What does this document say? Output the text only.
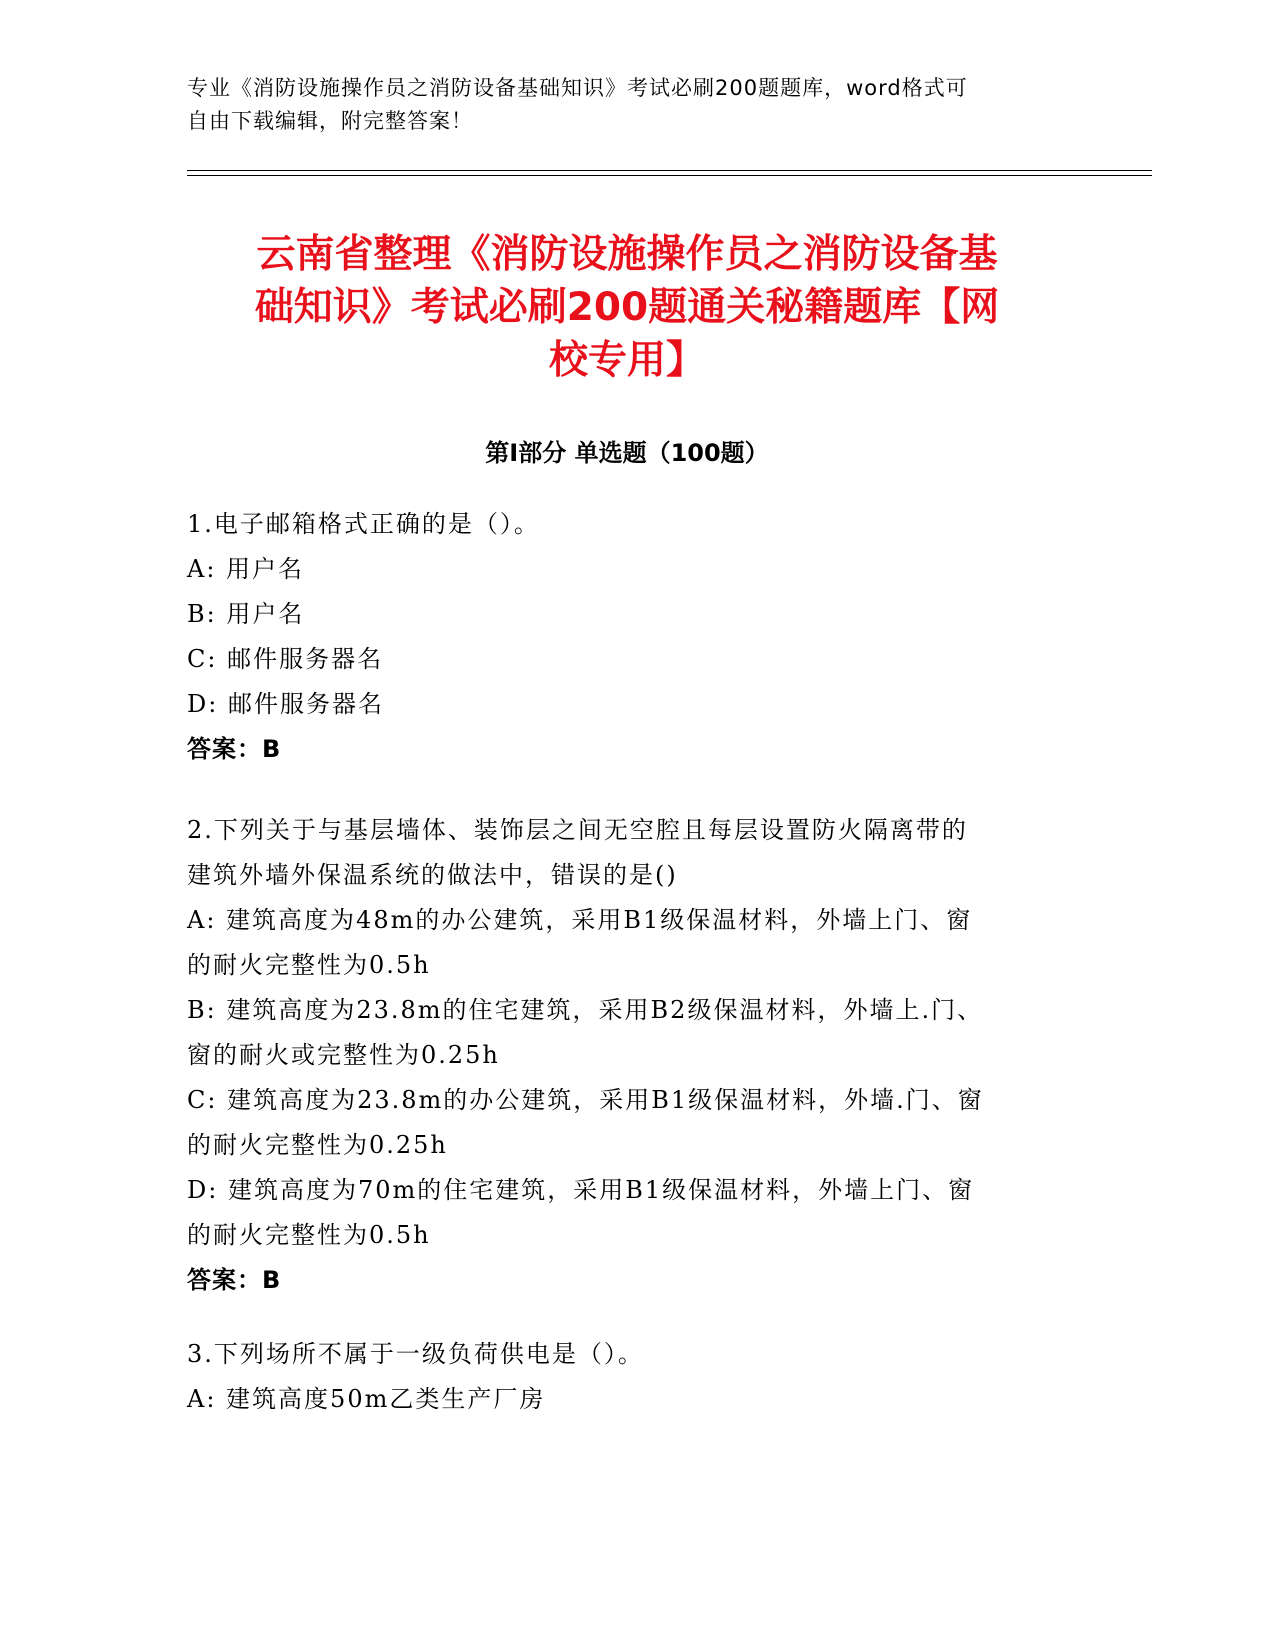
专业《消防设施操作员之消防设备基础知识》考试必刷200题题库，word格式可
自由下载编辑，附完整答案！
云南省整理《消防设施操作员之消防设备基
础知识》考试必刷200题通关秘籍题库【网
校专用】
第I部分 单选题（100题）
1.电子邮箱格式正确的是（）。
A: 用户名
B: 用户名
C: 邮件服务器名
D: 邮件服务器名
答案：B
2.下列关于与基层墙体、装饰层之间无空腔且每层设置防火隔离带的
建筑外墙外保温系统的做法中，错误的是()
A: 建筑高度为48m的办公建筑，采用B1级保温材料，外墙上门、窗
的耐火完整性为0.5h
B: 建筑高度为23.8m的住宅建筑，采用B2级保温材料，外墙上.门、
窗的耐火或完整性为0.25h
C: 建筑高度为23.8m的办公建筑，采用B1级保温材料，外墙.门、窗
的耐火完整性为0.25h
D: 建筑高度为70m的住宅建筑，采用B1级保温材料，外墙上门、窗
的耐火完整性为0.5h
答案：B
3.下列场所不属于一级负荷供电是（）。
A: 建筑高度50m乙类生产厂房
